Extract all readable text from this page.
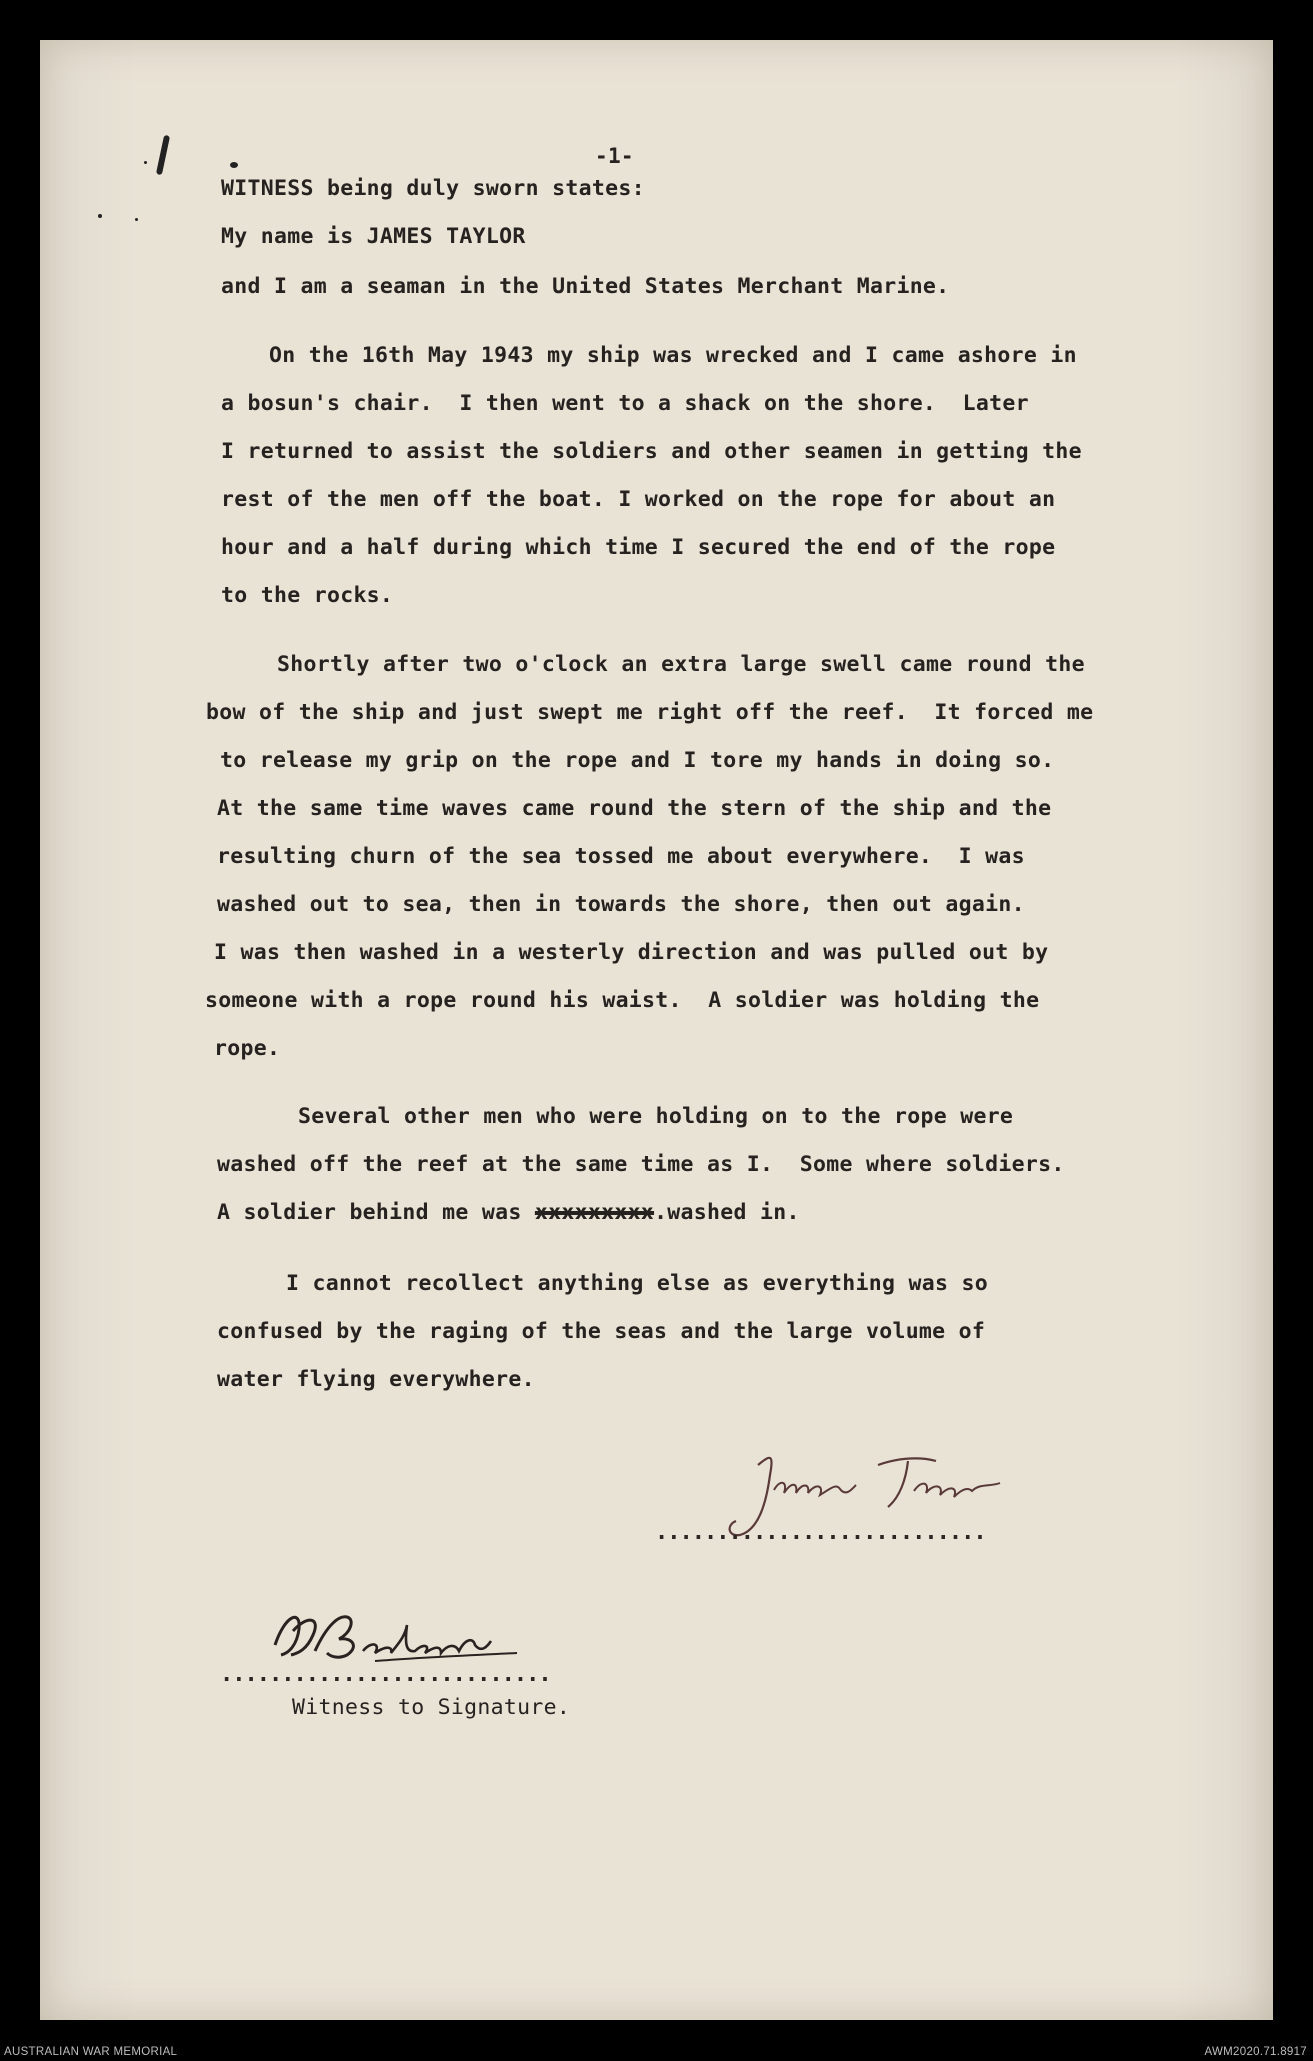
-1-
WITNESS being duly sworn states:
My name is JAMES TAYLOR
and I am a seaman in the United States Merchant Marine.
On the 16th May 1943 my ship was wrecked and I came ashore in
a bosun's chair.  I then went to a shack on the shore.  Later
I returned to assist the soldiers and other seamen in getting the
rest of the men off the boat. I worked on the rope for about an
hour and a half during which time I secured the end of the rope
to the rocks.
Shortly after two o'clock an extra large swell came round the
bow of the ship and just swept me right off the reef.  It forced me
to release my grip on the rope and I tore my hands in doing so.
At the same time waves came round the stern of the ship and the
resulting churn of the sea tossed me about everywhere.  I was
washed out to sea, then in towards the shore, then out again.
I was then washed in a westerly direction and was pulled out by
someone with a rope round his waist.  A soldier was holding the
rope.
Several other men who were holding on to the rope were
washed off the reef at the same time as I.  Some where soldiers.
A soldier behind me was xxxxxxxxx.washed in.
I cannot recollect anything else as everything was so
confused by the raging of the seas and the large volume of
water flying everywhere.
...........................
...........................
Witness to Signature.
AUSTRALIAN WAR MEMORIAL	AWM2020.71.8917
